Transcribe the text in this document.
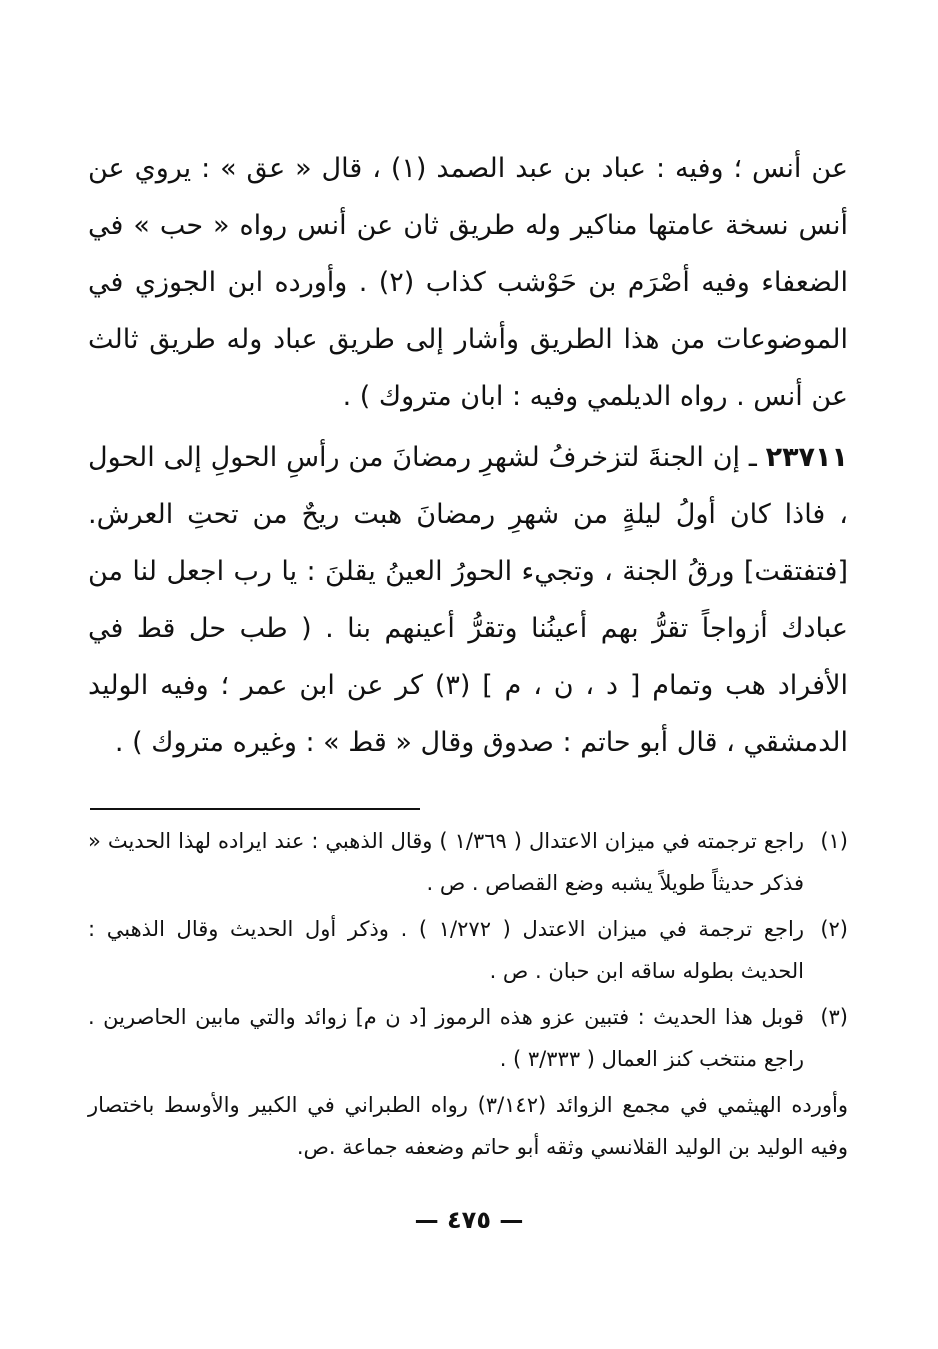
عن أنس ؛ وفيه : عباد بن عبد الصمد (١) ، قال « عق » : يروي عن أنس نسخة عامتها مناكير وله طريق ثان عن أنس رواه « حب » في الضعفاء وفيه أصْرَم بن حَوْشب كذاب (٢) . وأورده ابن الجوزي في الموضوعات من هذا الطريق وأشار إلى طريق عباد وله طريق ثالث عن أنس . رواه الديلمي وفيه : ابان متروك ) .

٢٣٧١١ ـ إن الجنةَ لتزخرفُ لشهرِ رمضانَ من رأسِ الحولِ إلى الحول ، فاذا كان أولُ ليلةٍ من شهرِ رمضانَ هبت ريحٌ من تحتِ العرش.[فتفتقت] ورقُ الجنة ، وتجيء الحورُ العينُ يقلنَ : يا رب اجعل لنا من عبادك أزواجاً تقرُّ بهم أعينُنا وتقرُّ أعينهم بنا . ( طب حل قط في الأفراد هب وتمام [ د ، ن ، م ] (٣) كر عن ابن عمر ؛ وفيه الوليد الدمشقي ، قال أبو حاتم : صدوق وقال « قط » : وغيره متروك ) .

(١)
راجع ترجمته في ميزان الاعتدال ( ١/٣٦٩ ) وقال الذهبي : عند ايراده لهذا الحديث « فذكر حديثاً طويلاً يشبه وضع القصاص . ص .
(٢)
راجع ترجمة في ميزان الاعتدل ( ١/٢٧٢ ) . وذكر أول الحديث وقال الذهبي : الحديث بطوله ساقه ابن حبان . ص .
(٣)
قوبل هذا الحديث : فتبين عزو هذه الرموز [د ن م] زوائد والتي مابين الحاصرين . راجع منتخب كنز العمال ( ٣/٣٣٣ ) .
وأورده الهيثمي في مجمع الزوائد (٣/١٤٢) رواه الطبراني في الكبير والأوسط باختصار وفيه الوليد بن الوليد القلانسي وثقه أبو حاتم وضعفه جماعة .ص.
— ٤٧٥ —
